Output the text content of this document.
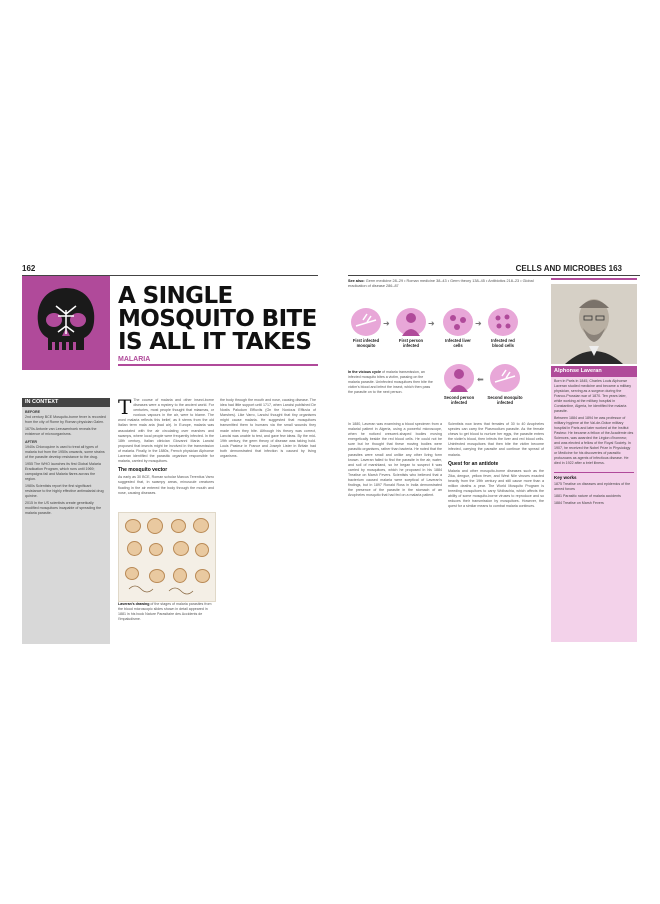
162	CELLS AND MICROBES 163
A SINGLE MOSQUITO BITE IS ALL IT TAKES
MALARIA

IN CONTEXT

BEFORE

2nd century BCE Mosquito-borne fever is recorded from the city of Rome by Roman physician Galen.

1670s Antonie van Leeuwenhoek reveals the existence of microorganisms.

AFTER

1940s Chloroquine is used to treat all types of malaria but from the 1950s onwards, some strains of the parasite develop resistance to the drug.

1955 The WHO launches its first Global Malaria Eradication Program, which runs until 1969; campaigns fail and Malaria flares across the region.

1980s Scientists report the first significant resistance to the highly effective antimalarial drug quinine.

2015 In the US scientists create genetically modified mosquitoes incapable of spreading the malaria parasite.

T The course of malaria and other insect-borne diseases were a mystery to the ancient world. For centuries, most people thought that miasmas, or noxious vapours in the air, were to blame. The word malaria reflects this belief, as it stems from the old Italian term mala aria (bad air). In Europe, malaria was associated with the air circulating over marshes and swamps, where local people were frequently infected. In the 18th century, Italian clinician Giovanni Maria Lancisi proposed that insects might be involved in the transmission of malaria. Finally, in the 1880s, French physician Alphonse Laveran identified the parasitic organism responsible for malaria, carried by mosquitoes.

The mosquito vector

As early as 30 BCE, Roman scholar Marcus Terentius Varro suggested that, in swampy areas, minuscule creatures floating in the air entered the body through the mouth and nose, causing diseases.

the body through the mouth and nose, causing disease. The idea had little support until 1717, when Lancisi published De Noxiis Paludum Effluviis (On the Noxious Effluvia of Marshes). Like Varro, Lancisi thought that tiny organisms might cause malaria. He suggested that mosquitoes transmitted them to humans via the small wounds they made when they bite. Although his theory was correct, Lancisi was unable to test, and gave few ideas. By the mid-19th century, the germ theory of disease was taking hold. Louis Pasteur in France and Joseph Lister in Britain had both demonstrated that infection is caused by living organisms.

Laveran's drawing of the stages of malaria parasites from the blood microscopic slides shown in detail appeared in 1881 in his book Nature Parasitaire des Accidents de l'Impaludisme.
See also: Germ medicine 28–29 • Roman medicine 38–43 • Germ theory 138–45 • Antibiotics 218–23 • Global eradication of disease 286–87
➜	➜	➜
First infected mosquito
First person infected
Infected liver cells
Infected red blood cells
⬅
Second person infected
Second mosquito infected
In the vicious cycle of malaria transmission, an infected mosquito bites a victim, passing on the malaria parasite. Uninfected mosquitoes then bite the victim's blood and infect the insect, which then pass the parasite on to the next person.

In 1880, Laveran was examining a blood specimen from a malarial patient in Algeria, using a powerful microscope, when he noticed crescent-shaped bodies moving energetically beside the red blood cells. He could not be sure but he thought that these moving bodies were parasitic organisms, rather than bacteria. He noted that the parasites were small and unlike any other living form known. Laveran failed to find the parasite in the air, water, and soil of marshland, so he began to suspect it was carried by mosquitoes, which he proposed in his 1884 Treatise on Marsh Fevers. Scientists who believed that a bacterium caused malaria were sceptical of Laveran's findings, but in 1897 Ronald Ross in India demonstrated the presence of the parasite in the stomach of an Anopheles mosquito that had fed on a malaria patient.

Scientists now knew that females of 30 to 40 Anopheles species can carry the Plasmodium parasite. As the female chews to get blood to nurture her eggs, the parasite enters the victim's blood, then infects the liver and red blood cells. Uninfected mosquitoes that then bite the victim become infected, carrying the parasite and continue the spread of malaria.

Quest for an antidote

Malaria and other mosquito-borne diseases such as the Zika, dengue, yellow fever, and West Nile viruses exacted heavily from the 19th century and still cause more than a million deaths a year. The World Mosquito Program is breeding mosquitoes to carry Wolbachia, which affects the ability of some mosquito-borne viruses to reproduce and so reduces their transmission by mosquitoes. However, the quest for a similar means to combat malaria continues.

Alphonse Laveran

Born in Paris in 1845, Charles Louis Alphonse Laveran studied medicine and became a military physician, serving as a surgeon during the Franco-Prussian war of 1870. Ten years later, while working at the military hospital in Constantine, Algeria, he identified the malaria parasite.

Between 1884 and 1894 he was professor of military hygiene at the Val-de-Grâce military hospital in Paris and later worked at the Institut Pasteur. He became a fellow of the Académie des Sciences, was awarded the Légion d'honneur, and was elected a fellow of the Royal Society. In 1907, he received the Nobel Prize in Physiology or Medicine for his discoveries of parasitic protozoans as agents of infectious disease. He died in 1922 after a brief illness.

Key works

1875 Treatise on diseases and epidemics of the armed forces

1881 Parasitic nature of malaria accidents

1884 Treatise on Marsh Fevers
